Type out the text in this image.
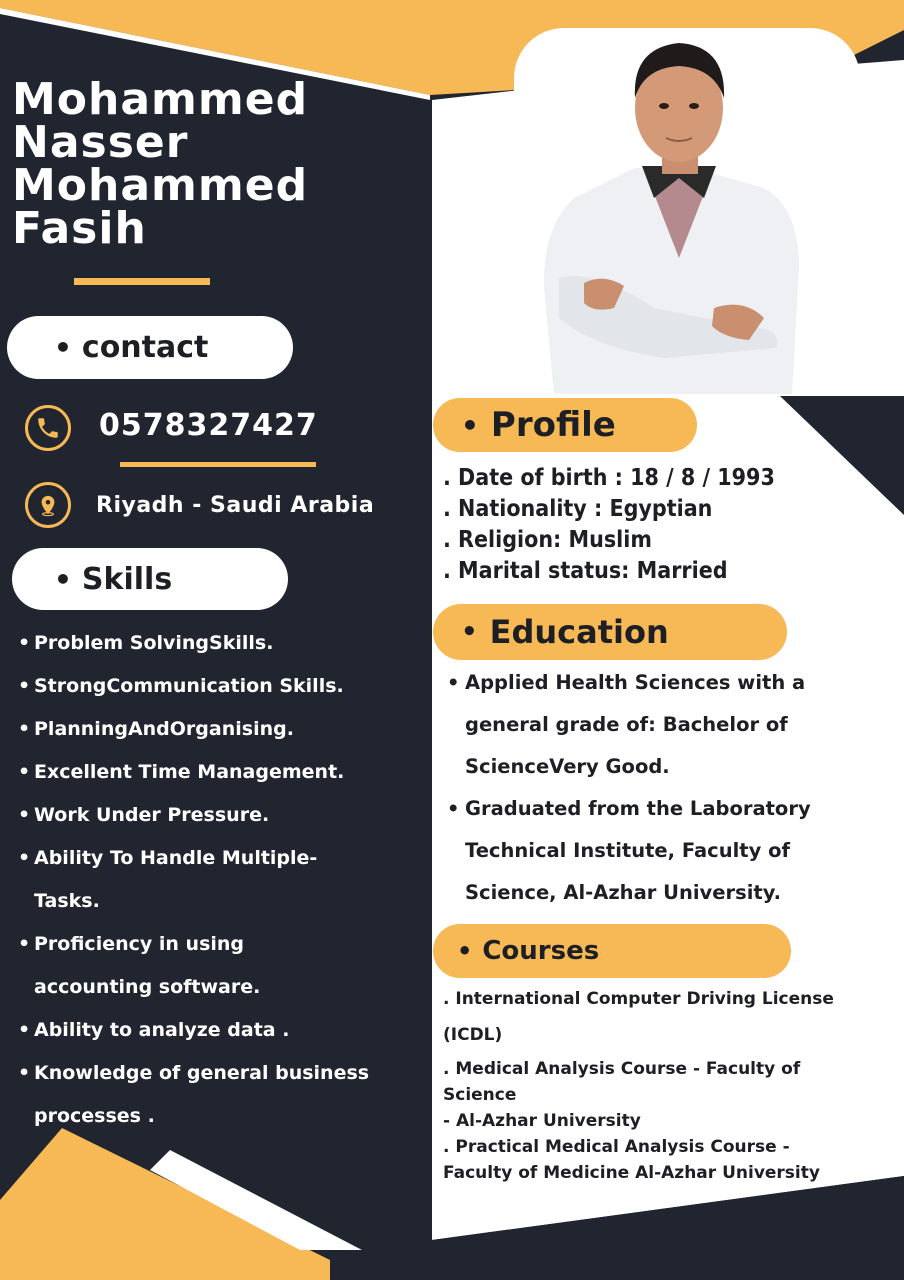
Mohammed
Nasser
Mohammed
Fasih
• contact
0578327427
Riyadh - Saudi Arabia
• Skills
• Problem SolvingSkills.
• StrongCommunication Skills.
• PlanningAndOrganising.
• Excellent Time Management.
• Work Under Pressure.
• Ability To Handle Multiple- Tasks.
• Proficiency in using accounting software.
• Ability to analyze data .
• Knowledge of general business processes .
• Profile
. Date of birth : 18 / 8 / 1993
. Nationality : Egyptian
. Religion: Muslim
. Marital status: Married
• Education
• Applied Health Sciences with a general grade of: Bachelor of ScienceVery Good.
• Graduated from the Laboratory Technical Institute, Faculty of Science, Al-Azhar University.
• Courses
. International Computer Driving License
(ICDL)
. Medical Analysis Course - Faculty of
Science
- Al-Azhar University
. Practical Medical Analysis Course -
Faculty of Medicine Al-Azhar University
